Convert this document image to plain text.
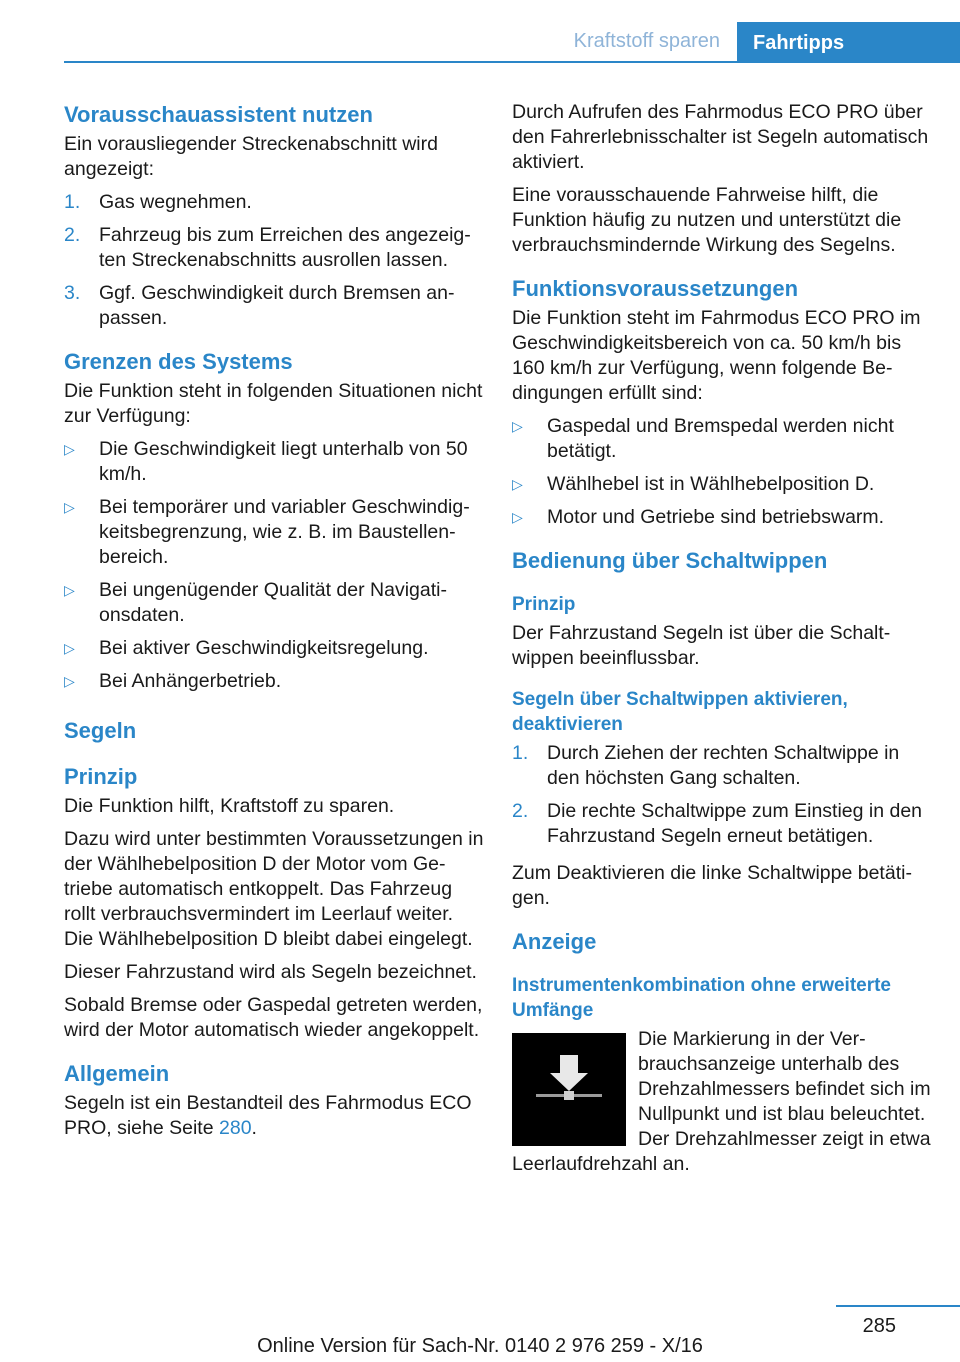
Kraftstoff sparen	Fahrtipps
Vorausschauassistent nutzen

Ein vorausliegender Streckenabschnitt wird angezeigt:

1. Gas wegnehmen.
2. Fahrzeug bis zum Erreichen des angezeigten Streckenabschnitts ausrollen lassen.
3. Ggf. Geschwindigkeit durch Bremsen anpassen.
Grenzen des Systems

Die Funktion steht in folgenden Situationen nicht zur Verfügung:

▷ Die Geschwindigkeit liegt unterhalb von 50 km/h.
▷ Bei temporärer und variabler Geschwindigkeitsbegrenzung, wie z. B. im Baustellenbereich.
▷ Bei ungenügender Qualität der Navigationsdaten.
▷ Bei aktiver Geschwindigkeitsregelung.
▷ Bei Anhängerbetrieb.
Segeln
Prinzip

Die Funktion hilft, Kraftstoff zu sparen.

Dazu wird unter bestimmten Voraussetzungen in der Wählhebelposition D der Motor vom Getriebe automatisch entkoppelt. Das Fahrzeug rollt verbrauchsvermindert im Leerlauf weiter. Die Wählhebelposition D bleibt dabei eingelegt.

Dieser Fahrzustand wird als Segeln bezeichnet.

Sobald Bremse oder Gaspedal getreten werden, wird der Motor automatisch wieder angekoppelt.

Allgemein

Segeln ist ein Bestandteil des Fahrmodus ECO PRO, siehe Seite 280.

Durch Aufrufen des Fahrmodus ECO PRO über den Fahrerlebnisschalter ist Segeln automatisch aktiviert.

Eine vorausschauende Fahrweise hilft, die Funktion häufig zu nutzen und unterstützt die verbrauchsmindernde Wirkung des Segelns.

Funktionsvoraussetzungen

Die Funktion steht im Fahrmodus ECO PRO im Geschwindigkeitsbereich von ca. 50 km/h bis 160 km/h zur Verfügung, wenn folgende Bedingungen erfüllt sind:

▷ Gaspedal und Bremspedal werden nicht betätigt.
▷ Wählhebel ist in Wählhebelposition D.
▷ Motor und Getriebe sind betriebswarm.
Bedienung über Schaltwippen
Prinzip

Der Fahrzustand Segeln ist über die Schaltwippen beeinflussbar.

Segeln über Schaltwippen aktivieren, deaktivieren
1. Durch Ziehen der rechten Schaltwippe in den höchsten Gang schalten.
2. Die rechte Schaltwippe zum Einstieg in den Fahrzustand Segeln erneut betätigen.

Zum Deaktivieren die linke Schaltwippe betätigen.

Anzeige
Instrumentenkombination ohne erweiterte Umfänge

Die Markierung in der Verbrauchsanzeige unterhalb des Drehzahlmessers befindet sich im Nullpunkt und ist blau beleuchtet. Der Drehzahlmesser zeigt in etwa Leerlaufdrehzahl an.

285
Online Version für Sach-Nr. 0140 2 976 259 - X/16
